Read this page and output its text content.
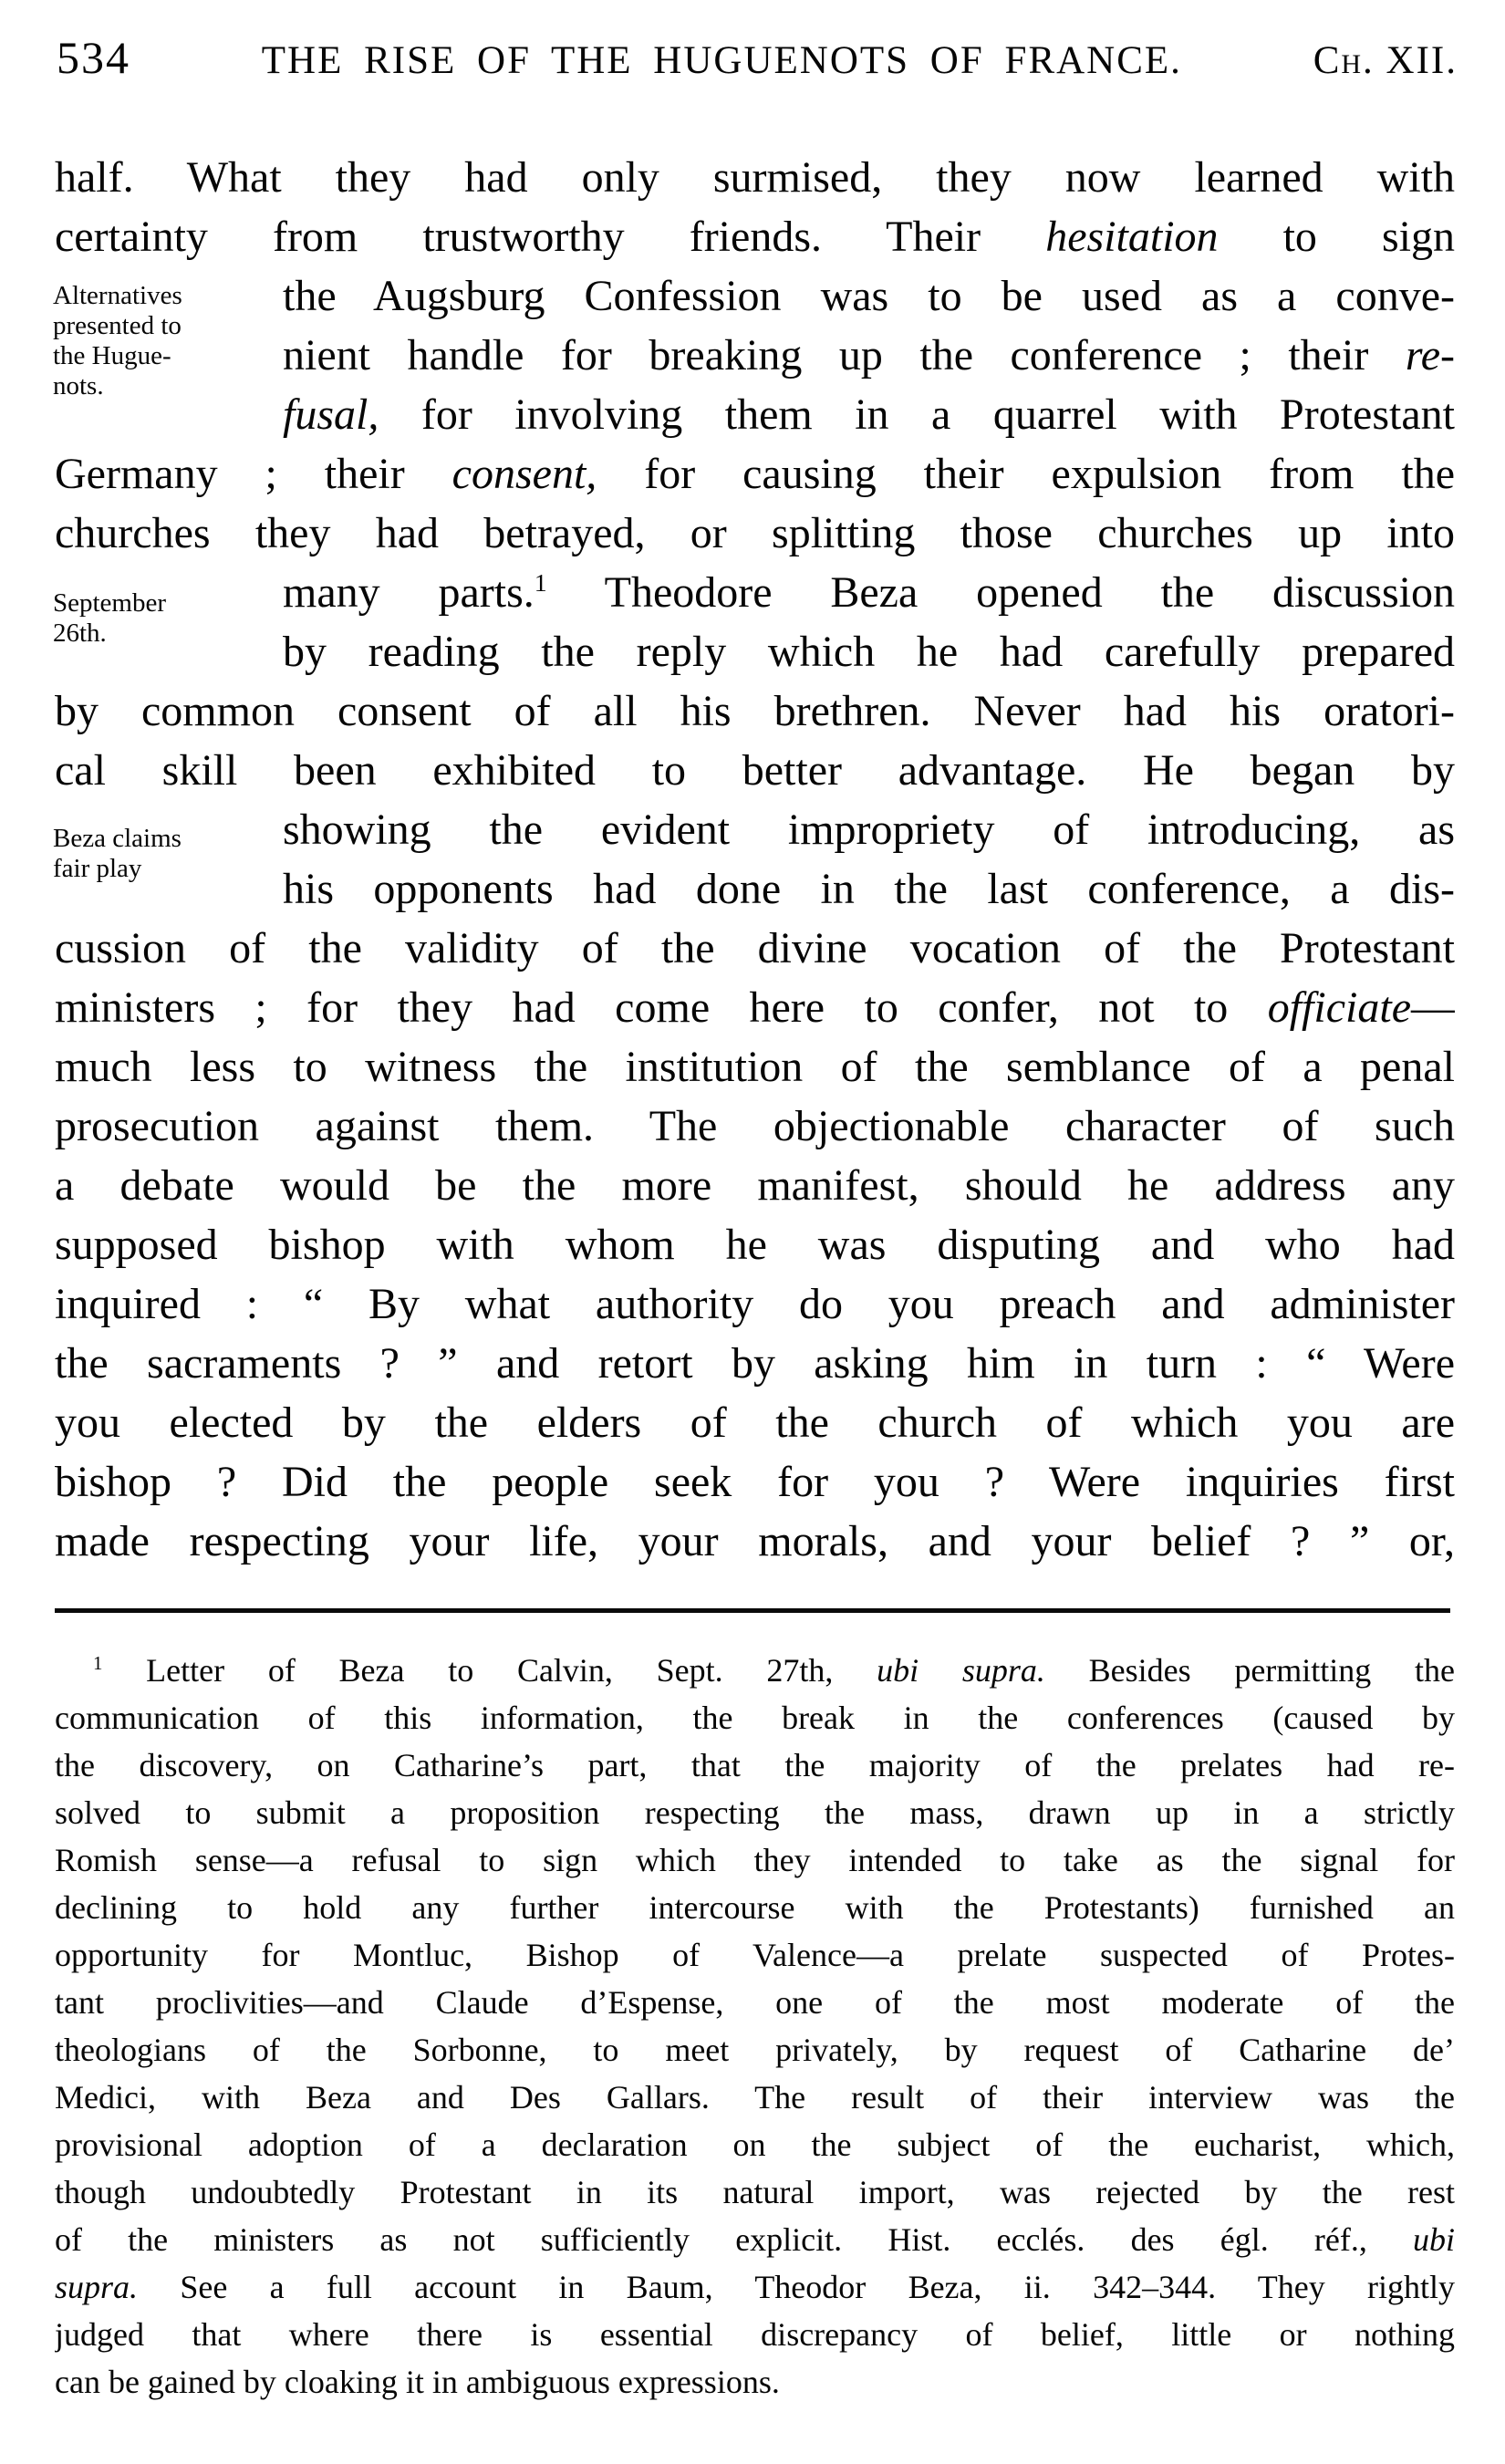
534	THE RISE OF THE HUGUENOTS OF FRANCE.	Ch. XII.
Alternatives
presented to
the Hugue-
nots.
September
26th.
Beza claims
fair play
half. What they had only surmised, they now learned with
certainty from trustworthy friends. Their hesitation to sign
the Augsburg Confession was to be used as a conve-
nient handle for breaking up the conference ; their re-
fusal, for involving them in a quarrel with Protestant
Germany ; their consent, for causing their expulsion from the
churches they had betrayed, or splitting those churches up into
many parts.$^1$ Theodore Beza opened the discussion
by reading the reply which he had carefully prepared
by common consent of all his brethren. Never had his oratori-
cal skill been exhibited to better advantage. He began by
showing the evident impropriety of introducing, as
his opponents had done in the last conference, a dis-
cussion of the validity of the divine vocation of the Protestant
ministers ; for they had come here to confer, not to officiate—
much less to witness the institution of the semblance of a penal
prosecution against them. The objectionable character of such
a debate would be the more manifest, should he address any
supposed bishop with whom he was disputing and who had
inquired : “ By what authority do you preach and administer
the sacraments ? ” and retort by asking him in turn : “ Were
you elected by the elders of the church of which you are
bishop ? Did the people seek for you ? Were inquiries first
made respecting your life, your morals, and your belief ? ” or,
$^1$ Letter of Beza to Calvin, Sept. 27th, ubi supra. Besides permitting the
communication of this information, the break in the conferences (caused by
the discovery, on Catharine’s part, that the majority of the prelates had re-
solved to submit a proposition respecting the mass, drawn up in a strictly
Romish sense—a refusal to sign which they intended to take as the signal for
declining to hold any further intercourse with the Protestants) furnished an
opportunity for Montluc, Bishop of Valence—a prelate suspected of Protes-
tant proclivities—and Claude d’Espense, one of the most moderate of the
theologians of the Sorbonne, to meet privately, by request of Catharine de’
Medici, with Beza and Des Gallars. The result of their interview was the
provisional adoption of a declaration on the subject of the eucharist, which,
though undoubtedly Protestant in its natural import, was rejected by the rest
of the ministers as not sufficiently explicit. Hist. ecclés. des égl. réf., ubi
supra. See a full account in Baum, Theodor Beza, ii. 342–344. They rightly
judged that where there is essential discrepancy of belief, little or nothing
can be gained by cloaking it in ambiguous expressions.
